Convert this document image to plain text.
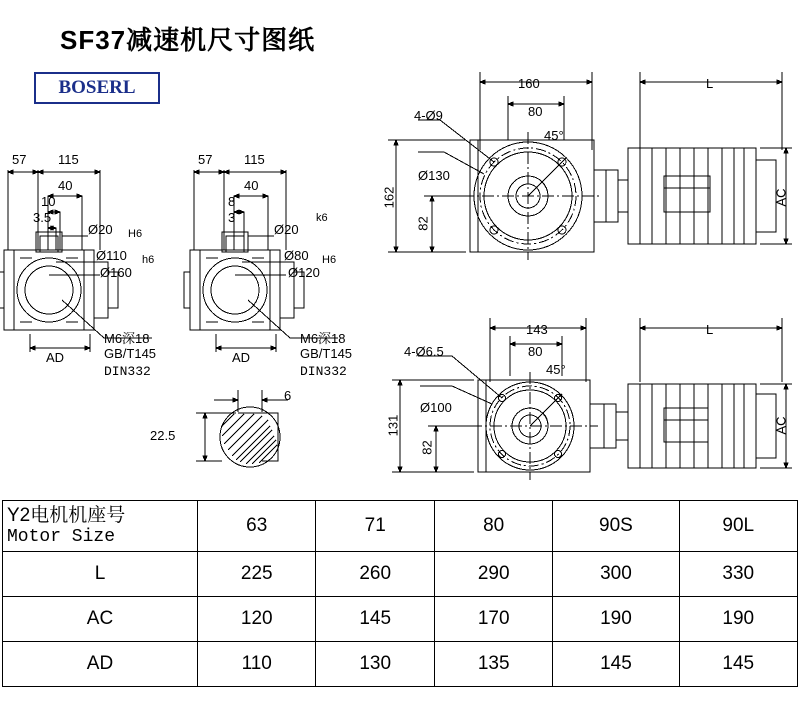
SF37减速机尺寸图纸
BOSERL
57 115
40
10
3.5
Ø20 H6
Ø110 h6
Ø160
AD
M6深18
GB/T145
DIN332
57 115
40
8
3
Ø20
k6
Ø80 H6
Ø120
AD
M6深18
GB/T145
DIN332
6
22.5
160
80
L
4-Ø9
45°
Ø130
162
82
AC
143
80
L
4-Ø6.5
45°
Ø100
131
82
AC
Y2电机机座号
Motor Size	63	71	80	90S	90L
L	225	260	290	300	330
AC	120	145	170	190	190
AD	110	130	135	145	145
